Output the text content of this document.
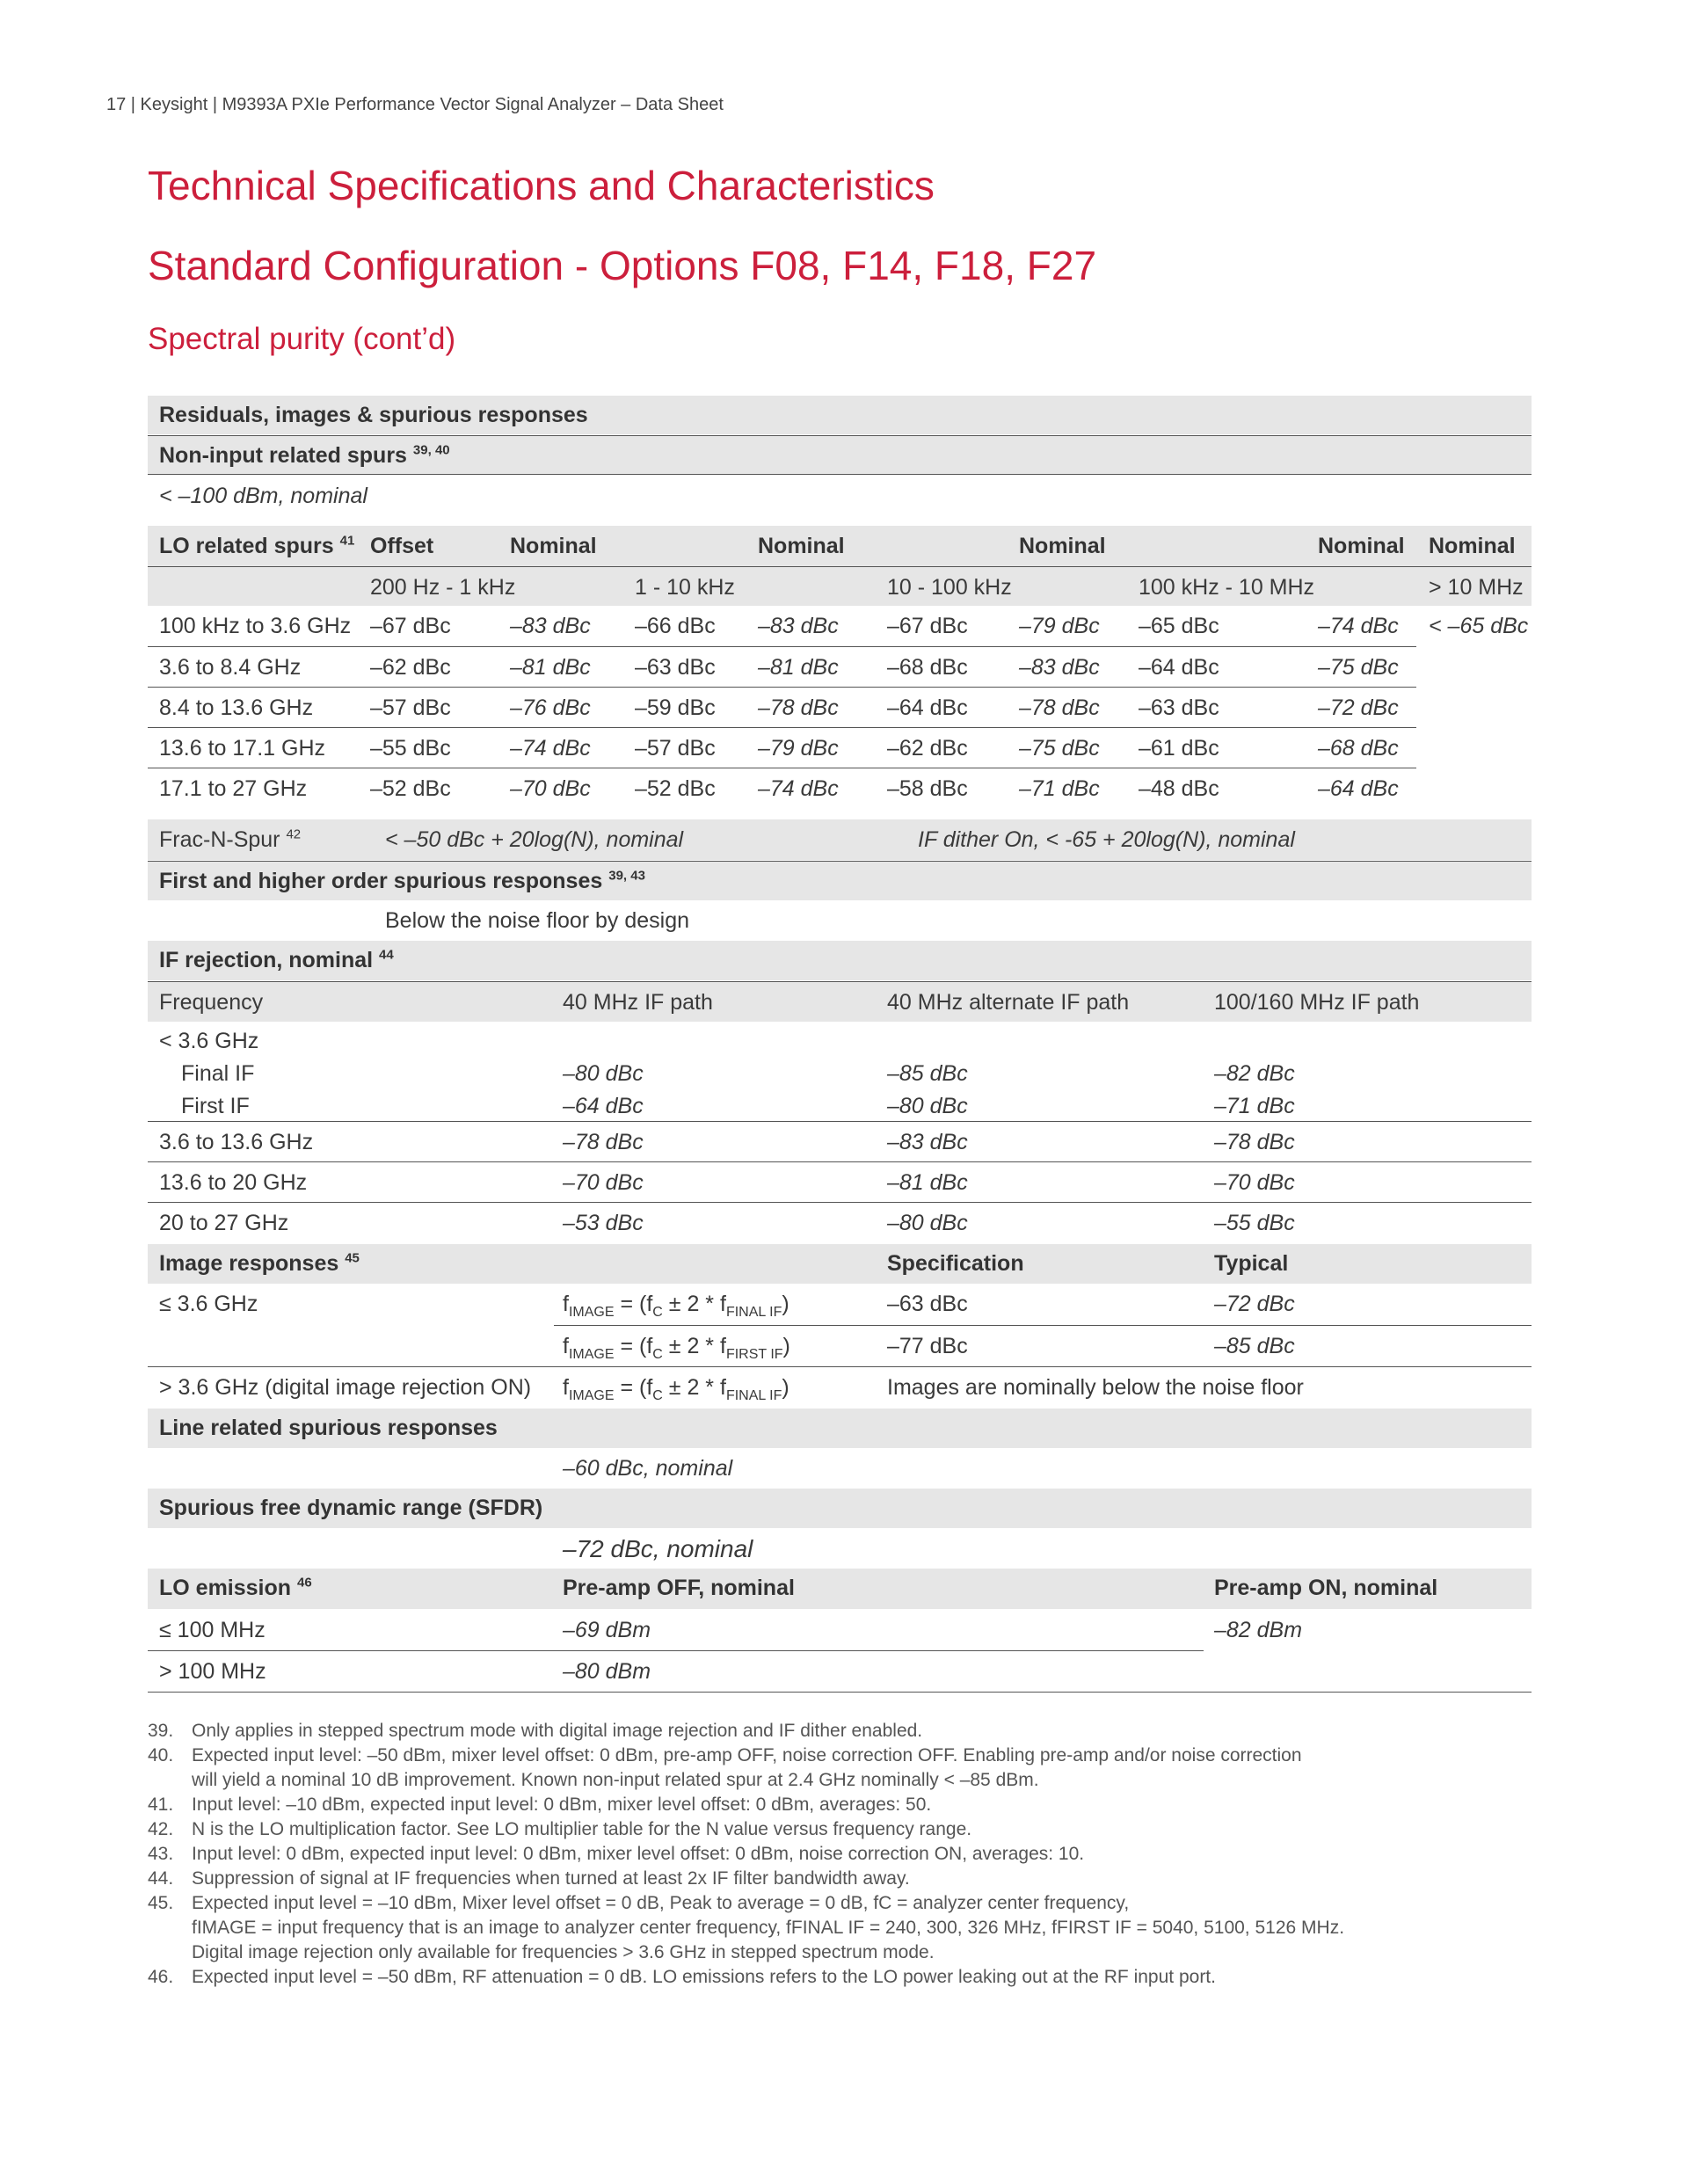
17 | Keysight | M9393A PXIe Performance Vector Signal Analyzer – Data Sheet
Technical Specifications and Characteristics
Standard Configuration - Options F08, F14, F18, F27
Spectral purity (cont’d)
Residuals, images & spurious responses
Non-input related spurs $^{39, 40}$
< –100 dBm, nominal
LO related spurs $^{41}$ Offset	Nominal	Nominal	Nominal	Nominal Nominal
200 Hz - 1 kHz	1 - 10 kHz	10 - 100 kHz	100 kHz - 10 MHz	> 10 MHz
100 kHz to 3.6 GHz –67 dBc	–83 dBc –66 dBc –83 dBc –67 dBc –79 dBc –65 dBc	–74 dBc < –65 dBc
3.6 to 8.4 GHz	–62 dBc	–81 dBc –63 dBc –81 dBc –68 dBc –83 dBc –64 dBc	–75 dBc
8.4 to 13.6 GHz	–57 dBc	–76 dBc –59 dBc –78 dBc –64 dBc –78 dBc –63 dBc	–72 dBc
13.6 to 17.1 GHz –55 dBc	–74 dBc –57 dBc –79 dBc –62 dBc –75 dBc –61 dBc	–68 dBc
17.1 to 27 GHz	–52 dBc	–70 dBc –52 dBc –74 dBc –58 dBc –71 dBc –48 dBc	–64 dBc
Frac-N-Spur $^{42}$	< –50 dBc + 20log(N), nominal	IF dither On, < -65 + 20log(N), nominal
First and higher order spurious responses $^{39, 43}$
Below the noise floor by design
IF rejection, nominal $^{44}$
Frequency	40 MHz IF path	40 MHz alternate IF path	100/160 MHz IF path
< 3.6 GHz
Final IF	–80 dBc	–85 dBc	–82 dBc
First IF	–64 dBc	–80 dBc	–71 dBc
3.6 to 13.6 GHz	–78 dBc	–83 dBc	–78 dBc
13.6 to 20 GHz	–70 dBc	–81 dBc	–70 dBc
20 to 27 GHz	–53 dBc	–80 dBc	–55 dBc
Image responses $^{45}$	Specification	Typical
≤ 3.6 GHz	$f_{IMAGE} = (f_C \pm 2 * f_{FINAL IF})$	–63 dBc	–72 dBc
$f_{IMAGE} = (f_C \pm 2 * f_{FIRST IF})$	–77 dBc	–85 dBc
> 3.6 GHz (digital image rejection ON) $f_{IMAGE} = (f_C \pm 2 * f_{FINAL IF})$	Images are nominally below the noise floor
Line related spurious responses
–60 dBc, nominal
Spurious free dynamic range (SFDR)
–72 dBc, nominal
LO emission $^{46}$	Pre-amp OFF, nominal	Pre-amp ON, nominal
≤ 100 MHz	–69 dBm	–82 dBm
> 100 MHz	–80 dBm
39. Only applies in stepped spectrum mode with digital image rejection and IF dither enabled.
40. Expected input level: –50 dBm, mixer level offset: 0 dBm, pre-amp OFF, noise correction OFF. Enabling pre-amp and/or noise correction
will yield a nominal 10 dB improvement. Known non-input related spur at 2.4 GHz nominally < –85 dBm.
41. Input level: –10 dBm, expected input level: 0 dBm, mixer level offset: 0 dBm, averages: 50.
42. N is the LO multiplication factor. See LO multiplier table for the N value versus frequency range.
43. Input level: 0 dBm, expected input level: 0 dBm, mixer level offset: 0 dBm, noise correction ON, averages: 10.
44. Suppression of signal at IF frequencies when turned at least 2x IF filter bandwidth away.
45. Expected input level = –10 dBm, Mixer level offset = 0 dB, Peak to average = 0 dB, fC = analyzer center frequency,
fIMAGE = input frequency that is an image to analyzer center frequency, fFINAL IF = 240, 300, 326 MHz, fFIRST IF = 5040, 5100, 5126 MHz.
Digital image rejection only available for frequencies > 3.6 GHz in stepped spectrum mode.
46. Expected input level = –50 dBm, RF attenuation = 0 dB. LO emissions refers to the LO power leaking out at the RF input port.
